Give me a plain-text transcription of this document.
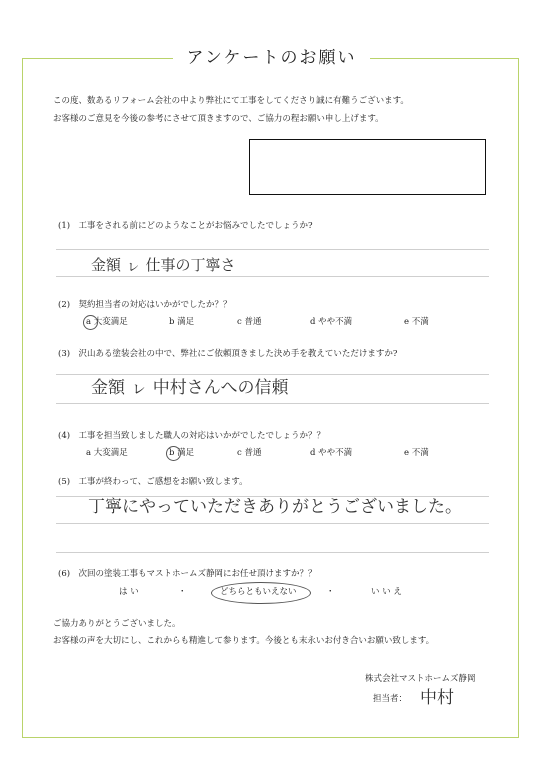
アンケートのお願い
この度、数あるリフォーム会社の中より弊社にて工事をしてくださり誠に有難うございます。
お客様のご意見を今後の参考にさせて頂きますので、ご協力の程お願い申し上げます。
(1)　工事をされる前にどのようなことがお悩みでしたでしょうか?
金額 ㇾ 仕事の丁寧さ
(2)　契約担当者の対応はいかがでしたか？？
a 大変満足	b 満足	c 普通	d やや不満	e 不満
(3)　沢山ある塗装会社の中で、弊社にご依頼頂きました決め手を教えていただけますか?
金額 ㇾ 中村さんへの信頼
(4)　工事を担当致しました職人の対応はいかがでしたでしょうか？？
a 大変満足	b 満足	c 普通	d やや不満	e 不満
(5)　工事が終わって、ご感想をお願い致します。
丁寧にやっていただきありがとうございました。
(6)　次回の塗装工事もマストホームズ静岡にお任せ頂けますか？？
は い	・	どちらともいえない	・	い い え
ご協力ありがとうございました。
お客様の声を大切にし、これからも精進して参ります。今後とも末永いお付き合いお願い致します。
株式会社マストホームズ静岡
担当者： 中村
